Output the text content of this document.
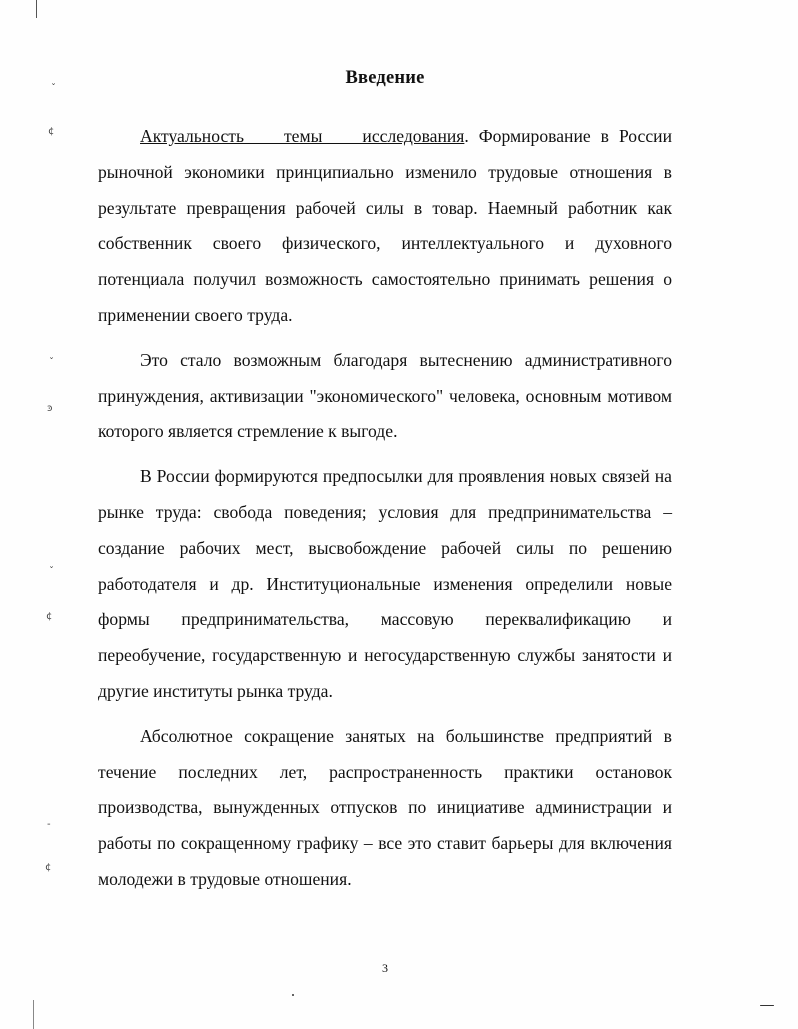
ˇ
¢
ˇ
ͽ
ˇ
¢
-
¢
Введение

Актуальность темы исследования. Формирование в России рыночной экономики принципиально изменило трудовые отношения в результате превращения рабочей силы в товар. Наемный работник как собственник своего физического, интеллектуального и духовного потенциала получил возможность самостоятельно принимать решения о применении своего труда.

Это стало возможным благодаря вытеснению административного принуждения, активизации "экономического" человека, основным мотивом которого является стремление к выгоде.

В России формируются предпосылки для проявления новых связей на рынке труда: свобода поведения; условия для предпринимательства – создание рабочих мест, высвобождение рабочей силы по решению работодателя и др. Институциональные изменения определили новые формы предпринимательства, массовую переквалификацию и переобучение, государственную и негосударственную службы занятости и другие институты рынка труда.

Абсолютное сокращение занятых на большинстве предприятий в течение последних лет, распространенность практики остановок производства, вынужденных отпусков по инициативе администрации и работы по сокращенному графику – все это ставит барьеры для включения молодежи в трудовые отношения.

3
